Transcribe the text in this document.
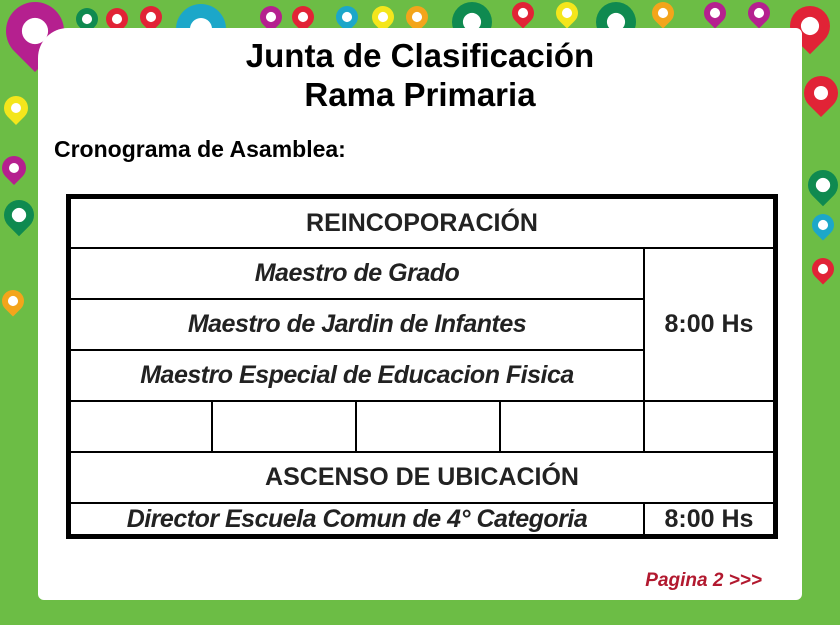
Junta de Clasificación
Rama Primaria
Cronograma de Asamblea:
REINCOPORACIÓN
Maestro de Grado
8:00 Hs
Maestro de Jardin de Infantes
Maestro Especial de Educacion Fisica
ASCENSO DE UBICACIÓN
Director Escuela Comun de 4° Categoria	8:00 Hs
Pagina 2 >>>
